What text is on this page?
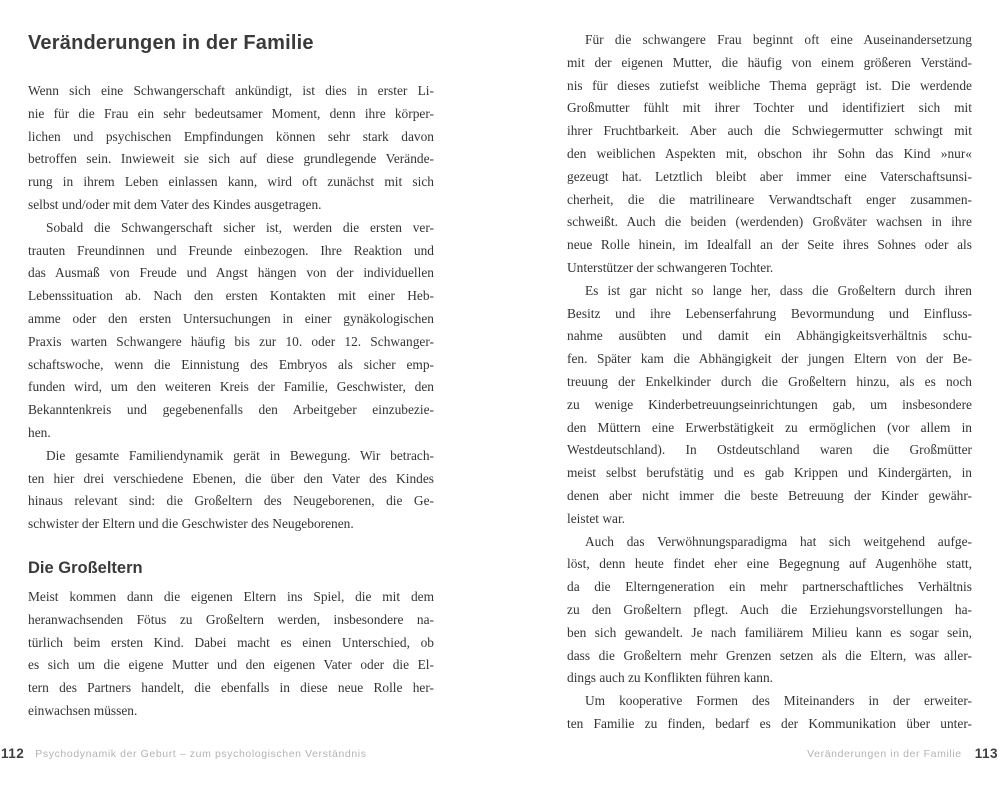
Veränderungen in der Familie
Wenn sich eine Schwangerschaft ankündigt, ist dies in erster Li-
nie für die Frau ein sehr bedeutsamer Moment, denn ihre körper-
lichen und psychischen Empfindungen können sehr stark davon
betroffen sein. Inwieweit sie sich auf diese grundlegende Verände-
rung in ihrem Leben einlassen kann, wird oft zunächst mit sich
selbst und/oder mit dem Vater des Kindes ausgetragen.
Sobald die Schwangerschaft sicher ist, werden die ersten ver-
trauten Freundinnen und Freunde einbezogen. Ihre Reaktion und
das Ausmaß von Freude und Angst hängen von der individuellen
Lebenssituation ab. Nach den ersten Kontakten mit einer Heb-
amme oder den ersten Untersuchungen in einer gynäkologischen
Praxis warten Schwangere häufig bis zur 10. oder 12. Schwanger-
schaftswoche, wenn die Einnistung des Embryos als sicher emp-
funden wird, um den weiteren Kreis der Familie, Geschwister, den
Bekanntenkreis und gegebenenfalls den Arbeitgeber einzubezie-
hen.
Die gesamte Familiendynamik gerät in Bewegung. Wir betrach-
ten hier drei verschiedene Ebenen, die über den Vater des Kindes
hinaus relevant sind: die Großeltern des Neugeborenen, die Ge-
schwister der Eltern und die Geschwister des Neugeborenen.
Die Großeltern
Meist kommen dann die eigenen Eltern ins Spiel, die mit dem
heranwachsenden Fötus zu Großeltern werden, insbesondere na-
türlich beim ersten Kind. Dabei macht es einen Unterschied, ob
es sich um die eigene Mutter und den eigenen Vater oder die El-
tern des Partners handelt, die ebenfalls in diese neue Rolle her-
einwachsen müssen.
Für die schwangere Frau beginnt oft eine Auseinandersetzung
mit der eigenen Mutter, die häufig von einem größeren Verständ-
nis für dieses zutiefst weibliche Thema geprägt ist. Die werdende
Großmutter fühlt mit ihrer Tochter und identifiziert sich mit
ihrer Fruchtbarkeit. Aber auch die Schwiegermutter schwingt mit
den weiblichen Aspekten mit, obschon ihr Sohn das Kind »nur«
gezeugt hat. Letztlich bleibt aber immer eine Vaterschaftsunsi-
cherheit, die die matrilineare Verwandtschaft enger zusammen-
schweißt. Auch die beiden (werdenden) Großväter wachsen in ihre
neue Rolle hinein, im Idealfall an der Seite ihres Sohnes oder als
Unterstützer der schwangeren Tochter.
Es ist gar nicht so lange her, dass die Großeltern durch ihren
Besitz und ihre Lebenserfahrung Bevormundung und Einfluss-
nahme ausübten und damit ein Abhängigkeitsverhältnis schu-
fen. Später kam die Abhängigkeit der jungen Eltern von der Be-
treuung der Enkelkinder durch die Großeltern hinzu, als es noch
zu wenige Kinderbetreuungseinrichtungen gab, um insbesondere
den Müttern eine Erwerbstätigkeit zu ermöglichen (vor allem in
Westdeutschland). In Ostdeutschland waren die Großmütter
meist selbst berufstätig und es gab Krippen und Kindergärten, in
denen aber nicht immer die beste Betreuung der Kinder gewähr-
leistet war.
Auch das Verwöhnungsparadigma hat sich weitgehend aufge-
löst, denn heute findet eher eine Begegnung auf Augenhöhe statt,
da die Elterngeneration ein mehr partnerschaftliches Verhältnis
zu den Großeltern pflegt. Auch die Erziehungsvorstellungen ha-
ben sich gewandelt. Je nach familiärem Milieu kann es sogar sein,
dass die Großeltern mehr Grenzen setzen als die Eltern, was aller-
dings auch zu Konflikten führen kann.
Um kooperative Formen des Miteinanders in der erweiter-
ten Familie zu finden, bedarf es der Kommunikation über unter-
112 Psychodynamik der Geburt – zum psychologischen Verständnis	Veränderungen in der Familie 113
